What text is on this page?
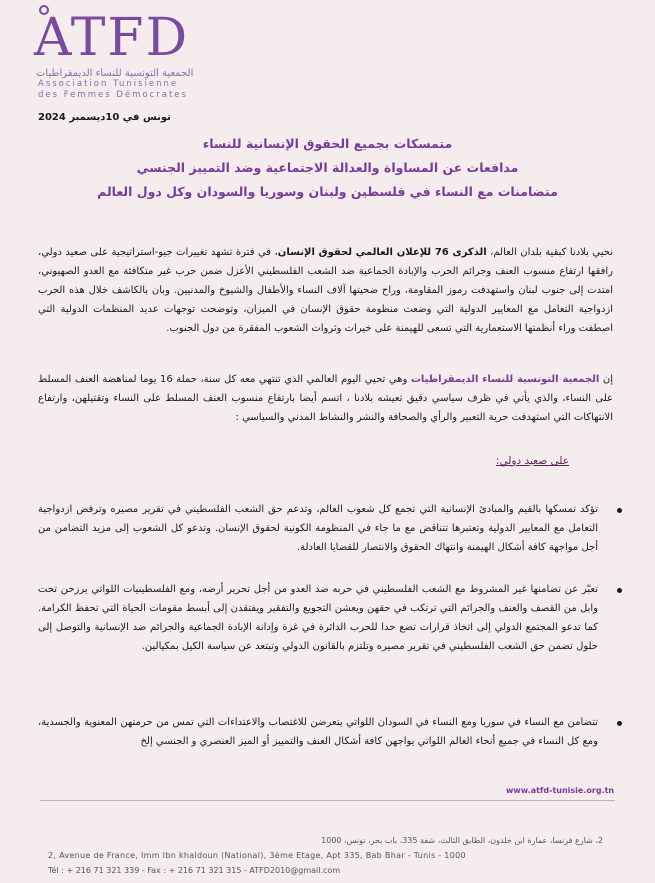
ATFD
الجمعية التونسية للنساء الديمقراطيات
Association Tunisienne
des Femmes Démocrates
تونس في 10ديسمبر 2024
متمسكات بجميع الحقوق الإنسانية للنساء
مدافعات عن المساواة والعدالة الاجتماعية وضد التمييز الجنسي
متضامنات مع النساء في فلسطين ولبنان وسوريا والسودان وكل دول العالم
نحيي بلادنا كبقية بلدان العالم، الذكرى 76 للإعلان العالمي لحقوق الإنسان، في فترة تشهد تغييرات جيو-استراتيجية على صعيد دولي، رافقها ارتفاع منسوب العنف وجرائم الحرب والإبادة الجماعية ضد الشعب الفلسطيني الأعزل ضمن حرب غير متكافئة مع العدو الصهيوني، امتدت إلى جنوب لبنان واستهدفت رموز المقاومة، وراح ضحيتها آلاف النساء والأطفال والشيوخ والمدنيين. وبان بالكاشف خلال هذه الحرب ازدواجية التعامل مع المعايير الدولية التي وضعت منظومة حقوق الإنسان في الميزان، وتوضحت توجهات عديد المنظمات الدولية التي اصطفت وراء أنظمتها الاستعمارية التي تسعى للهيمنة على خيرات وثروات الشعوب المفقرة من دول الجنوب.
إن الجمعية التونسية للنساء الديمقراطيات وهي تحيي اليوم العالمي الذي تنتهي معه كل سنة، حملة 16 يوما لمناهضة العنف المسلط على النساء، والذي يأتي في ظرف سياسي دقيق تعيشه بلادنا ، اتسم أيضا بارتفاع منسوب العنف المسلط على النساء وتقتيلهن، وارتفاع الانتهاكات التي استهدفت حرية التعبير والرأي والصحافة والنشر والنشاط المدني والسياسي :
على صعيد دولي:
تؤكد تمسكها بالقيم والمبادئ الإنسانية التي تجمع كل شعوب العالم، وتدعم حق الشعب الفلسطيني في تقرير مصيره وترفض ازدواجية التعامل مع المعايير الدولية وتعتبرها تتناقض مع ما جاء في المنظومة الكونية لحقوق الإنسان. وتدعو كل الشعوب إلى مزيد التضامن من أجل مواجهة كافة أشكال الهيمنة وانتهاك الحقوق والانتصار للقضايا العادلة.
تعبّر عن تضامنها غير المشروط مع الشعب الفلسطيني في حربه ضد العدو من أجل تحرير أرضه، ومع الفلسطينيات اللواتي يرزحن تحت وابل من القصف والعنف والجرائم التي ترتكب في حقهن ويعشن التجويع والتفقير ويفتقدن إلى أبسط مقومات الحياة التي تحفظ الكرامة. كما تدعو المجتمع الدولي إلى اتخاذ قرارات تضع حدا للحرب الدائرة في غزة وإدانة الإبادة الجماعية والجرائم ضد الإنسانية والتوصل إلى حلول تضمن حق الشعب الفلسطيني في تقرير مصيره وتلتزم بالقانون الدولي وتبتعد عن سياسة الكيل بمكيالين.
تتضامن مع النساء في سوريا ومع النساء في السودان اللواتي يتعرضن للاغتصاب والاعتداءات التي تمس من حرمتهن المعنوية والجسدية، ومع كل النساء في جميع أنحاء العالم اللواتي يواجهن كافة أشكال العنف والتمييز أو الميز العنصري و الجنسي إلخ
www.atfd-tunisie.org.tn
2، شارع فرنسا، عمارة ابن خلدون، الطابق الثالث، شقة 335، باب بحر، تونس، 1000
2, Avenue de France, Imm Ibn khaldoun (National), 3ème Etage, Apt 335, Bab Bhar - Tunis - 1000
Tél : + 216 71 321 339 - Fax : + 216 71 321 315 - ATFD2010@gmail.com
